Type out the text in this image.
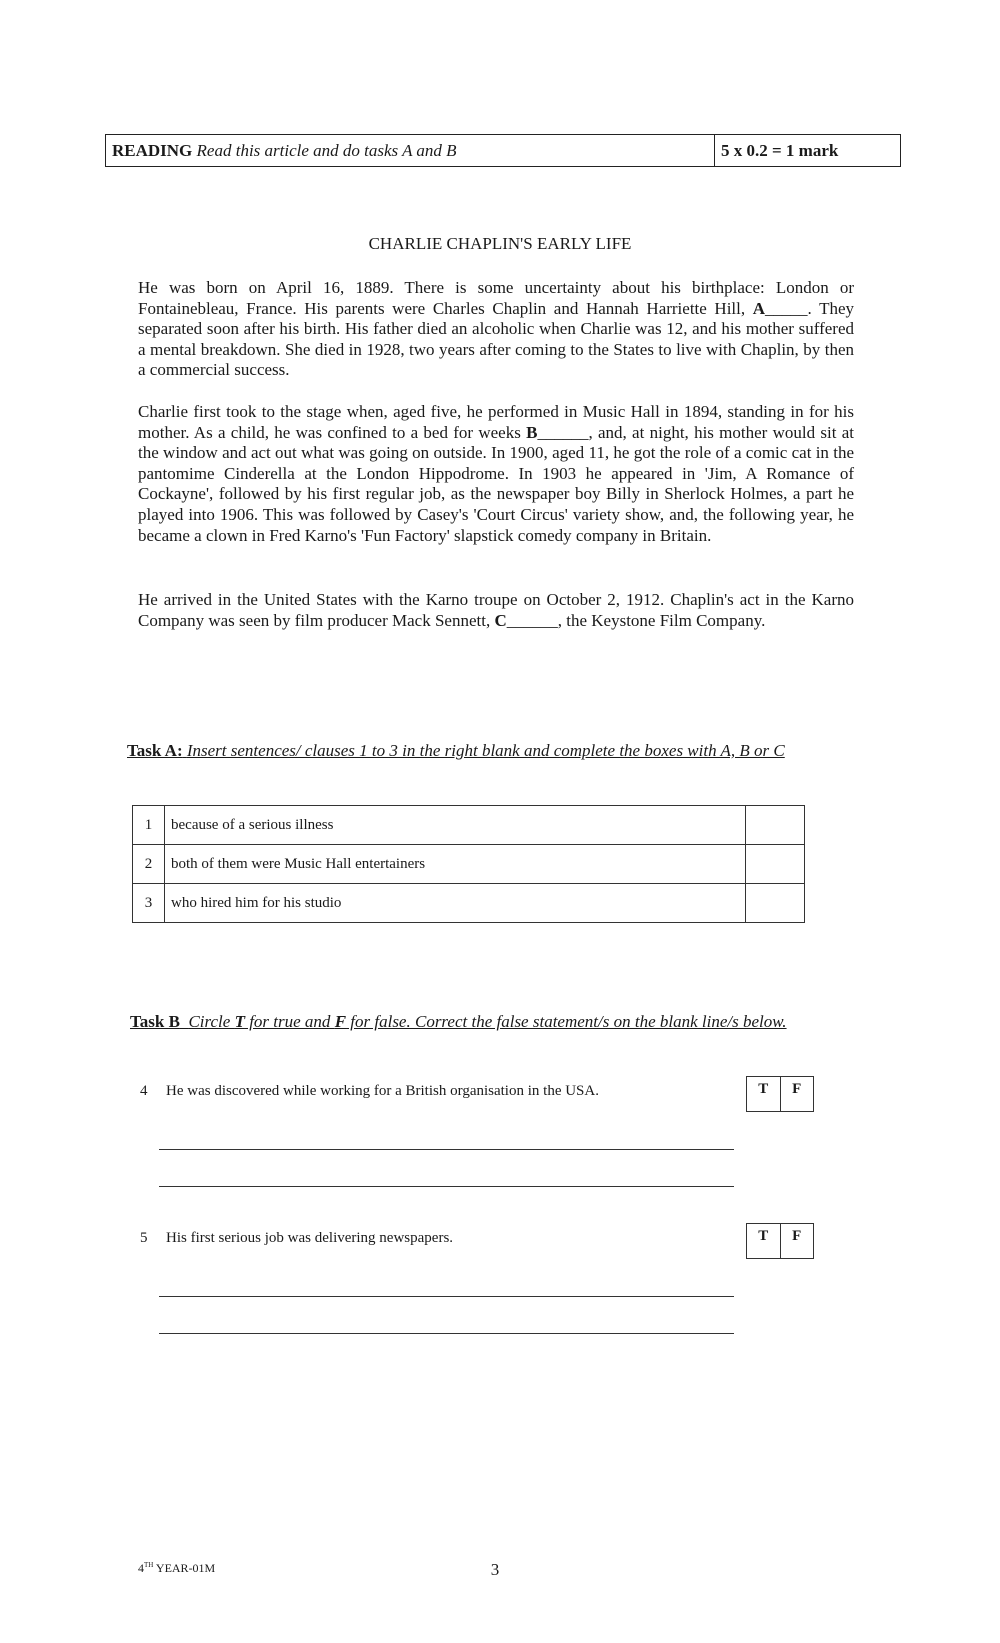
READING Read this article and do tasks A and B	5 x 0.2 = 1 mark
CHARLIE CHAPLIN'S EARLY LIFE

He was born on April 16, 1889. There is some uncertainty about his birthplace: London or Fontainebleau, France. His parents were Charles Chaplin and Hannah Harriette Hill, A_____. They separated soon after his birth. His father died an alcoholic when Charlie was 12, and his mother suffered a mental breakdown. She died in 1928, two years after coming to the States to live with Chaplin, by then a commercial success.

Charlie first took to the stage when, aged five, he performed in Music Hall in 1894, standing in for his mother. As a child, he was confined to a bed for weeks B______, and, at night, his mother would sit at the window and act out what was going on outside. In 1900, aged 11, he got the role of a comic cat in the pantomime Cinderella at the London Hippodrome. In 1903 he appeared in 'Jim, A Romance of Cockayne', followed by his first regular job, as the newspaper boy Billy in Sherlock Holmes, a part he played into 1906. This was followed by Casey's 'Court Circus' variety show, and, the following year, he became a clown in Fred Karno's 'Fun Factory' slapstick comedy company in Britain.

He arrived in the United States with the Karno troupe on October 2, 1912. Chaplin's act in the Karno Company was seen by film producer Mack Sennett, C______, the Keystone Film Company.

Task A: Insert sentences/ clauses 1 to 3 in the right blank and complete the boxes with A, B or C
1	because of a serious illness	
2	both of them were Music Hall entertainers	
3	who hired him for his studio	
Task B Circle T for true and F for false. Correct the false statement/s on the blank line/s below.
4 He was discovered while working for a British organisation in the USA.	T	F
5 His first serious job was delivering newspapers.	T	F
4TH YEAR-01M	3
